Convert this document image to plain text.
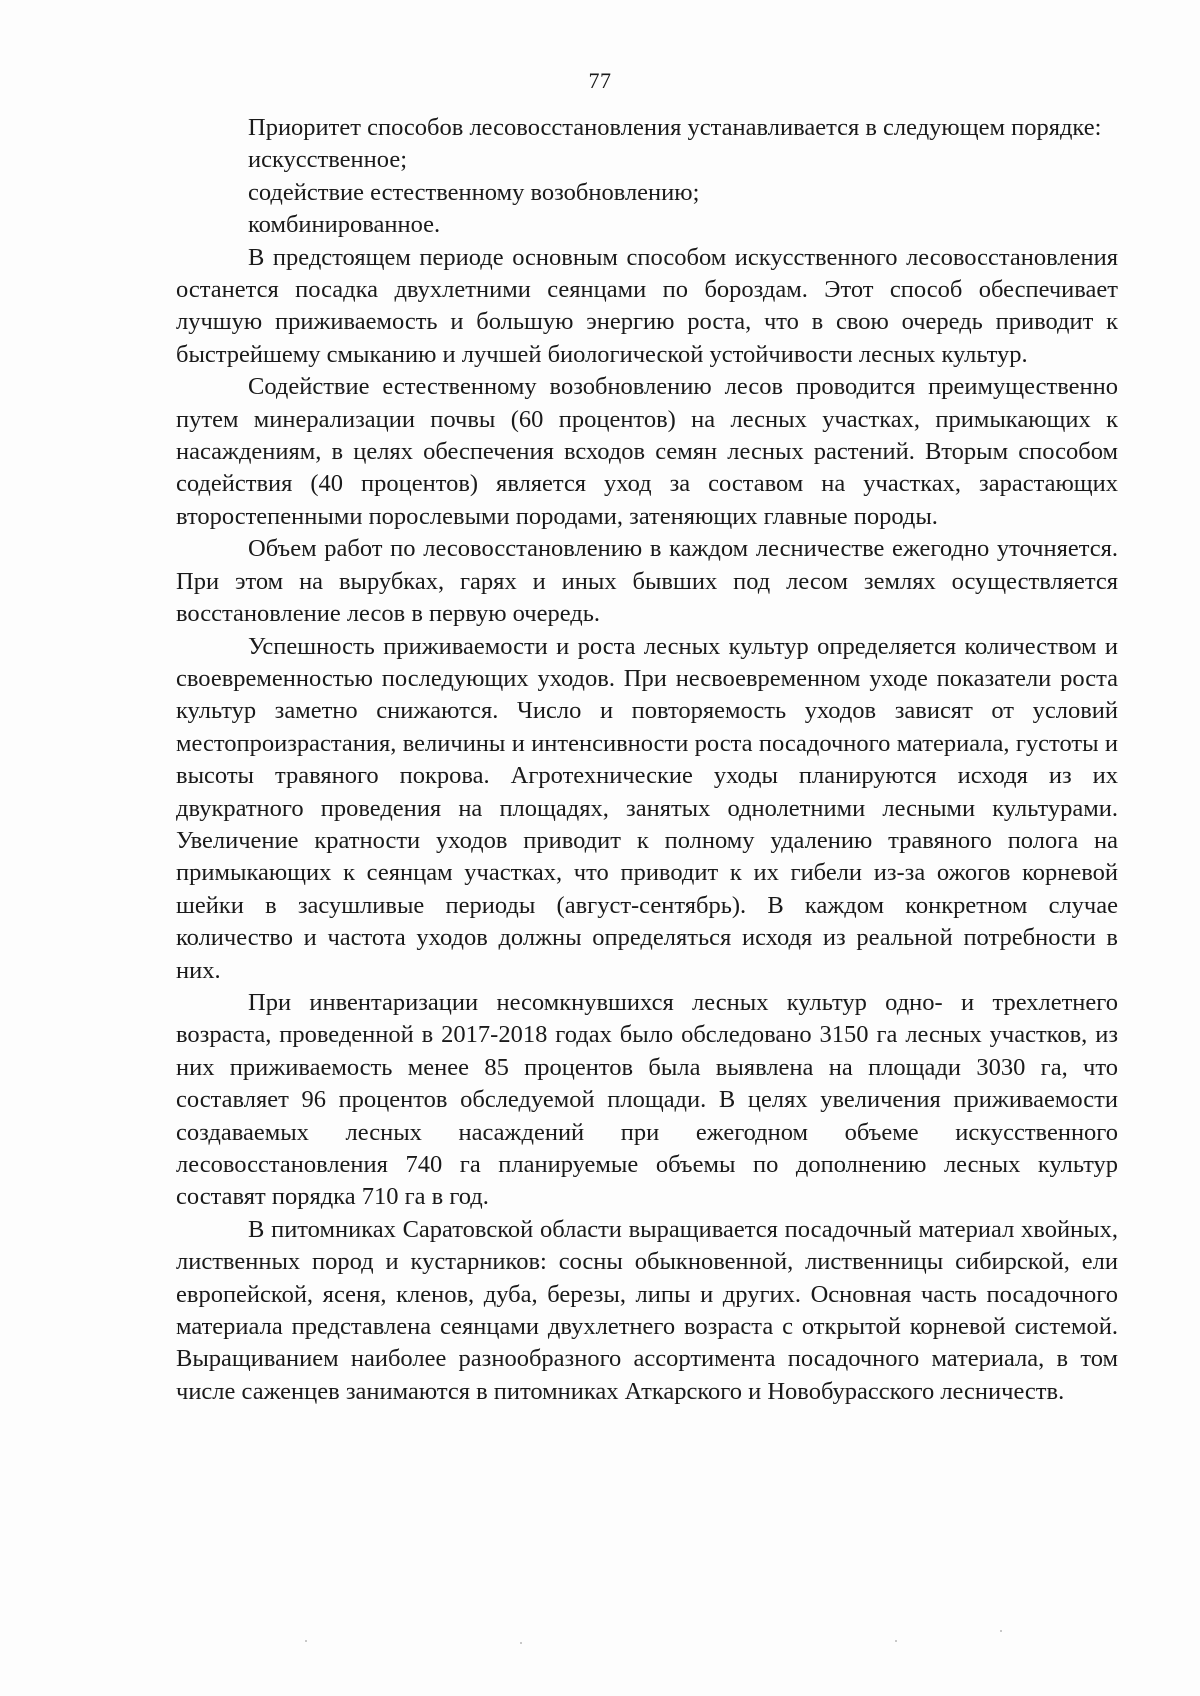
77

Приоритет способов лесовосстановления устанавливается в следующем порядке:

искусственное;

содействие естественному возобновлению;

комбинированное.

В предстоящем периоде основным способом искусственного лесовосстановления останется посадка двухлетними сеянцами по бороздам. Этот способ обеспечивает лучшую приживаемость и большую энергию роста, что в свою очередь приводит к быстрейшему смыканию и лучшей биологической устойчивости лесных культур.

Содействие естественному возобновлению лесов проводится преимущественно путем минерализации почвы (60 процентов) на лесных участках, примыкающих к насаждениям, в целях обеспечения всходов семян лесных растений. Вторым способом содействия (40 процентов) является уход за составом на участках, зарастающих второстепенными порослевыми породами, затеняющих главные породы.

Объем работ по лесовосстановлению в каждом лесничестве ежегодно уточняется. При этом на вырубках, гарях и иных бывших под лесом землях осуществляется восстановление лесов в первую очередь.

Успешность приживаемости и роста лесных культур определяется количеством и своевременностью последующих уходов. При несвоевременном уходе показатели роста культур заметно снижаются. Число и повторяемость уходов зависят от условий местопроизрастания, величины и интенсивности роста посадочного материала, густоты и высоты травяного покрова. Агротехнические уходы планируются исходя из их двукратного проведения на площадях, занятых однолетними лесными культурами. Увеличение кратности уходов приводит к полному удалению травяного полога на примыкающих к сеянцам участках, что приводит к их гибели из-за ожогов корневой шейки в засушливые периоды (август-сентябрь). В каждом конкретном случае количество и частота уходов должны определяться исходя из реальной потребности в них.

При инвентаризации несомкнувшихся лесных культур одно- и трехлетнего возраста, проведенной в 2017-2018 годах было обследовано 3150 га лесных участков, из них приживаемость менее 85 процентов была выявлена на площади 3030 га, что составляет 96 процентов обследуемой площади. В целях увеличения приживаемости создаваемых лесных насаждений при ежегодном объеме искусственного лесовосстановления 740 га планируемые объемы по дополнению лесных культур составят порядка 710 га в год.

В питомниках Саратовской области выращивается посадочный материал хвойных, лиственных пород и кустарников: сосны обыкновенной, лиственницы сибирской, ели европейской, ясеня, кленов, дуба, березы, липы и других. Основная часть посадочного материала представлена сеянцами двухлетнего возраста с открытой корневой системой. Выращиванием наиболее разнообразного ассортимента посадочного материала, в том числе саженцев занимаются в питомниках Аткарского и Новобурасского лесничеств.
